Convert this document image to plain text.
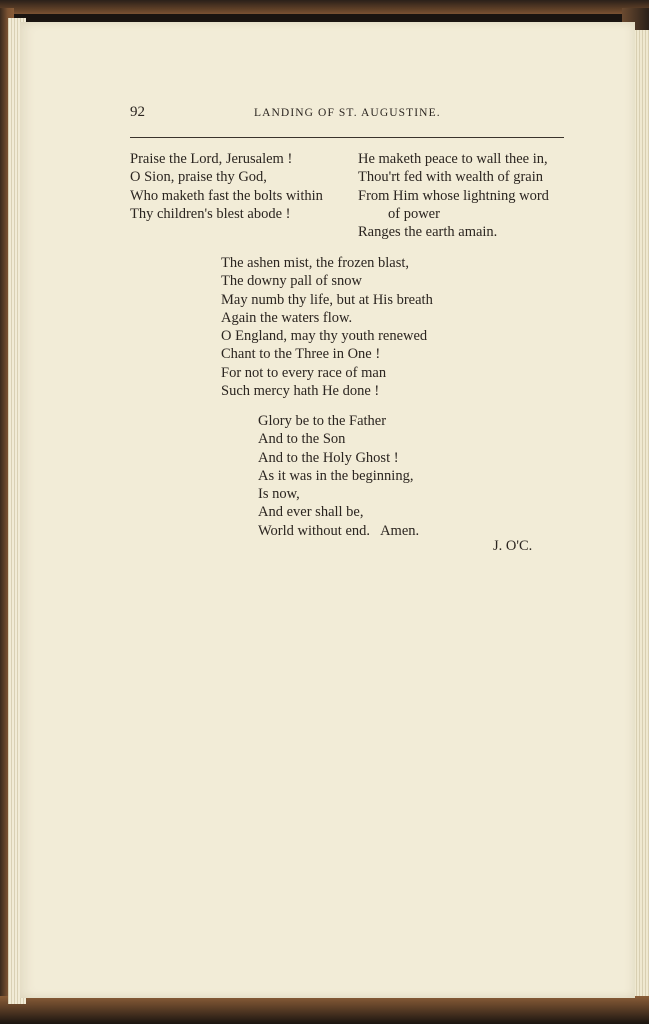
92	LANDING OF ST. AUGUSTINE.
Praise the Lord, Jerusalem !
O Sion, praise thy God,
Who maketh fast the bolts within
Thy children's blest abode !
He maketh peace to wall thee in,
Thou'rt fed with wealth of grain
From Him whose lightning word
of power
Ranges the earth amain.
The ashen mist, the frozen blast,
The downy pall of snow
May numb thy life, but at His breath
Again the waters flow.
O England, may thy youth renewed
Chant to the Three in One !
For not to every race of man
Such mercy hath He done !
Glory be to the Father
And to the Son
And to the Holy Ghost !
As it was in the beginning,
Is now,
And ever shall be,
World without end.   Amen.
J. O'C.
